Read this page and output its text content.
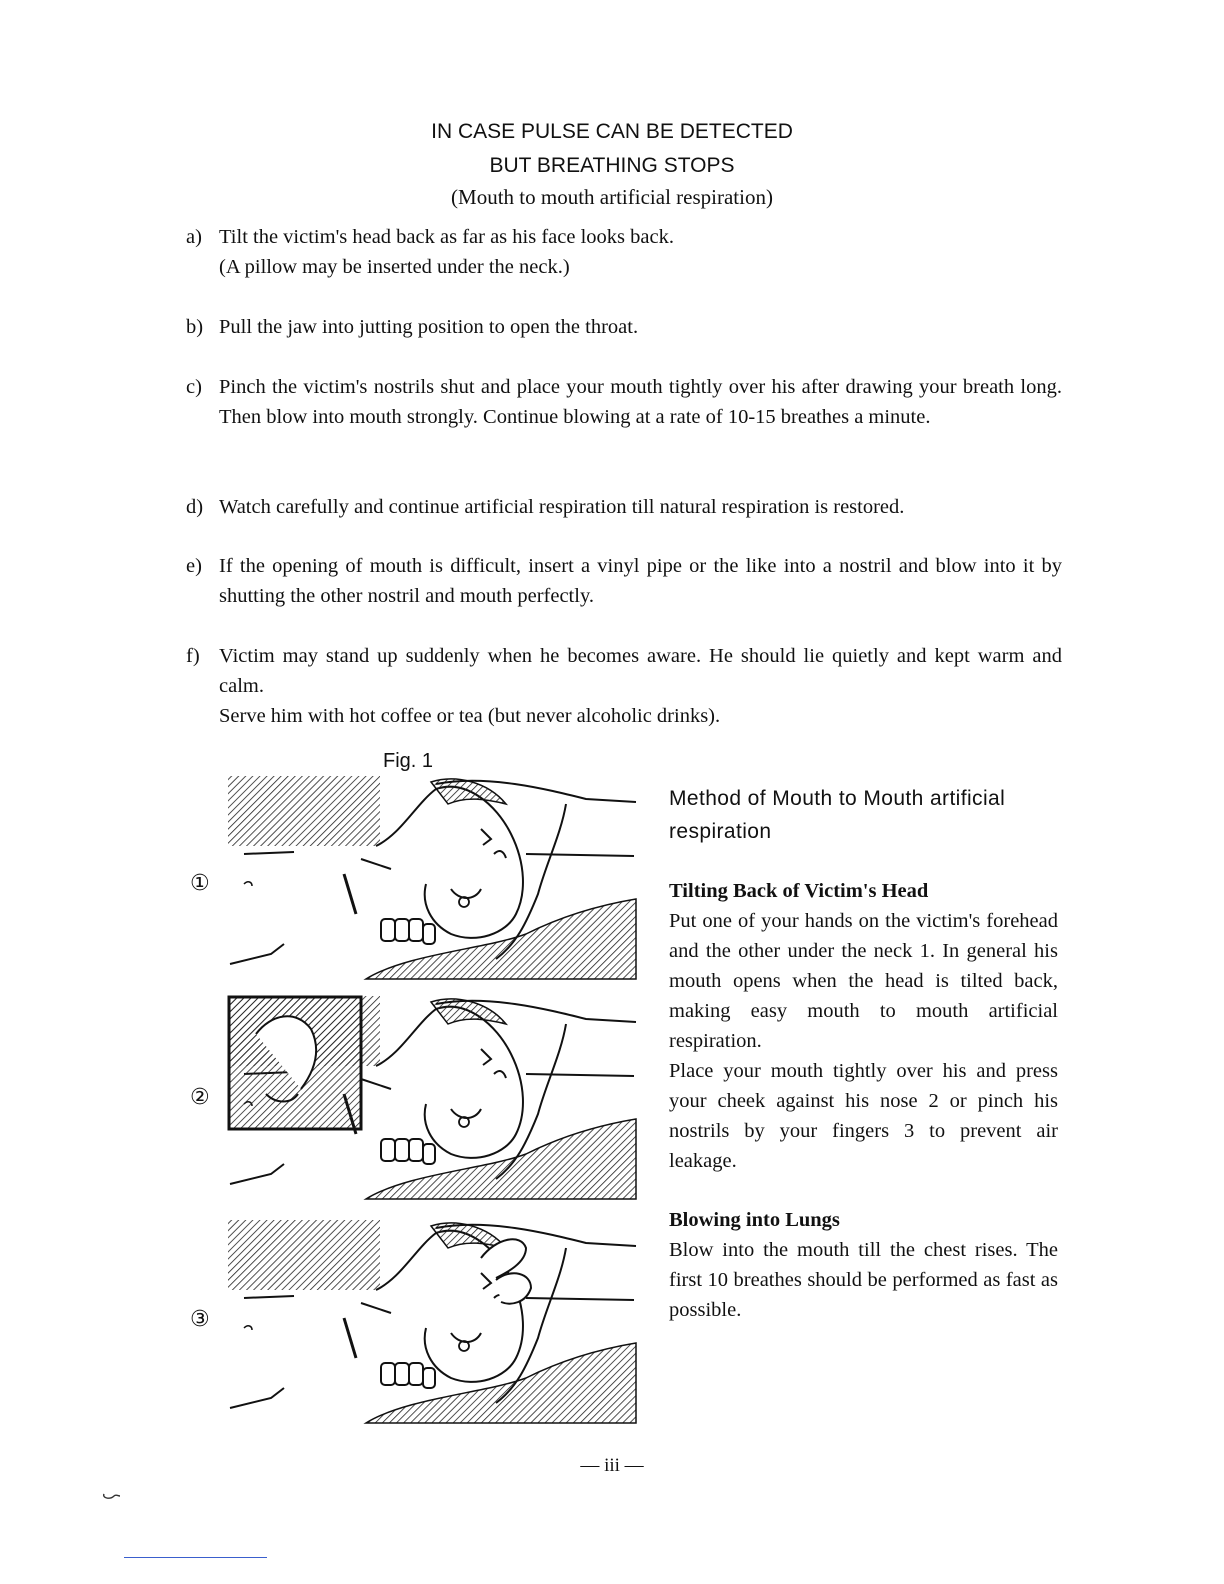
IN CASE PULSE CAN BE DETECTED
BUT BREATHING STOPS
(Mouth to mouth artificial respiration)
a) Tilt the victim's head back as far as his face looks back.

(A pillow may be inserted under the neck.)

b) Pull the jaw into jutting position to open the throat.

c) Pinch the victim's nostrils shut and place your mouth tightly over his after drawing your breath long. Then blow into mouth strongly. Continue blowing at a rate of 10-15 breathes a minute.

d) Watch carefully and continue artificial respiration till natural respiration is restored.

e) If the opening of mouth is difficult, insert a vinyl pipe or the like into a nostril and blow into it by shutting the other nostril and mouth perfectly.

f) Victim may stand up suddenly when he becomes aware. He should lie quietly and kept warm and calm.

Serve him with hot coffee or tea (but never alcoholic drinks).

Fig. 1
①
②
③
Method of Mouth to Mouth artificial respiration
Tilting Back of Victim's Head

Put one of your hands on the victim's forehead and the other under the neck 1. In general his mouth opens when the head is tilted back, making easy mouth to mouth artificial respiration.

Place your mouth tightly over his and press your cheek against his nose 2 or pinch his nostrils by your fingers 3 to prevent air leakage.

Blowing into Lungs

Blow into the mouth till the chest rises. The first 10 breathes should be performed as fast as possible.

— iii —
